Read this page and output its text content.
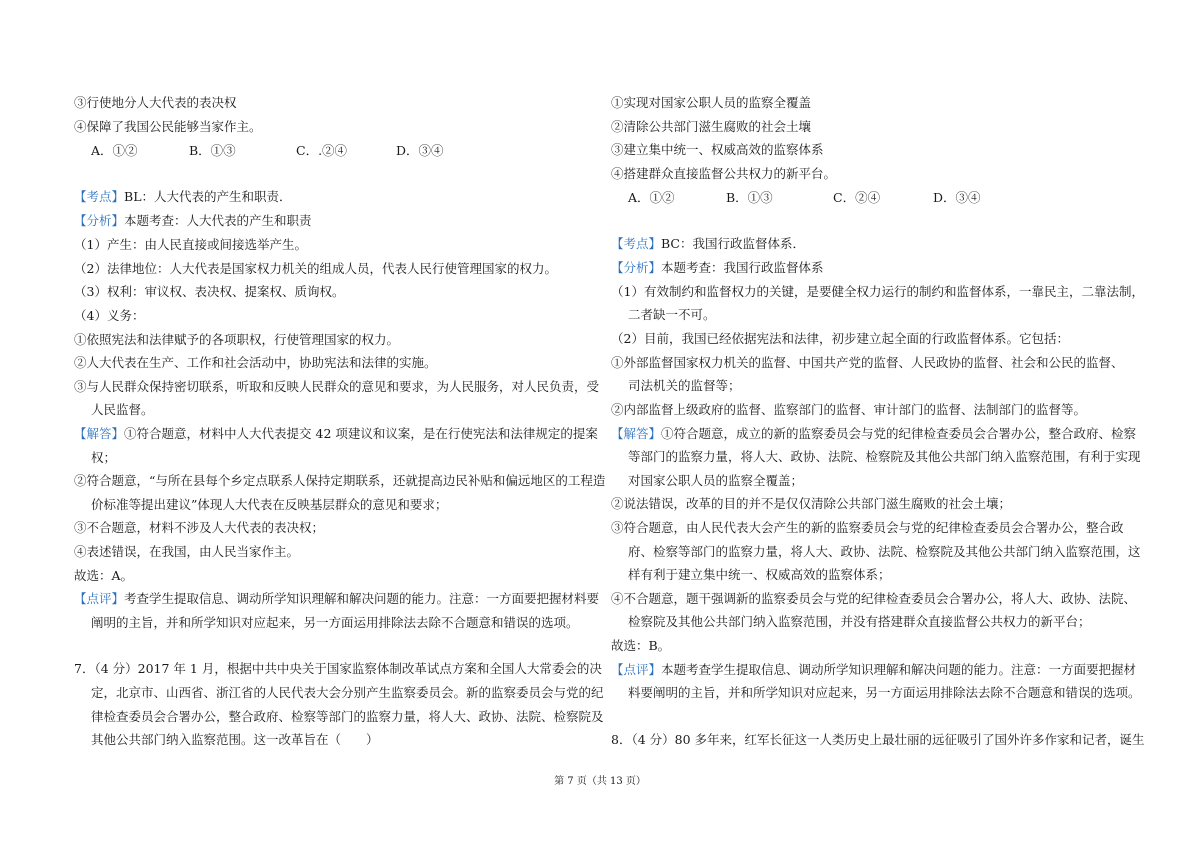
③行使地分人大代表的表决权
④保障了我国公民能够当家作主。
A．①②	B．①③	C．.②④	D．③④
【考点】BL：人大代表的产生和职责．
【分析】本题考查：人大代表的产生和职责
（1）产生：由人民直接或间接选举产生。
（2）法律地位：人大代表是国家权力机关的组成人员，代表人民行使管理国家的权力。
（3）权利：审议权、表决权、提案权、质询权。
（4）义务：
①依照宪法和法律赋予的各项职权，行使管理国家的权力。
②人大代表在生产、工作和社会活动中，协助宪法和法律的实施。
③与人民群众保持密切联系，听取和反映人民群众的意见和要求，为人民服务，对人民负责，受
人民监督。
【解答】①符合题意，材料中人大代表提交 42 项建议和议案，是在行使宪法和法律规定的提案
权；
②符合题意，“与所在县每个乡定点联系人保持定期联系，还就提高边民补贴和偏远地区的工程造
价标准等提出建议”体现人大代表在反映基层群众的意见和要求；
③不合题意，材料不涉及人大代表的表决权；
④表述错误，在我国，由人民当家作主。
故选：A。
【点评】考查学生提取信息、调动所学知识理解和解决问题的能力。注意：一方面要把握材料要
阐明的主旨，并和所学知识对应起来，另一方面运用排除法去除不合题意和错误的选项。
7．（4 分）2017 年 1 月，根据中共中央关于国家监察体制改革试点方案和全国人大常委会的决
定，北京市、山西省、浙江省的人民代表大会分别产生监察委员会。新的监察委员会与党的纪
律检查委员会合署办公，整合政府、检察等部门的监察力量，将人大、政协、法院、检察院及
其他公共部门纳入监察范围。这一改革旨在（　　）
①实现对国家公职人员的监察全覆盖
②清除公共部门滋生腐败的社会土壤
③建立集中统一、权威高效的监察体系
④搭建群众直接监督公共权力的新平台。
A．①②	B．①③	C．②④	D．③④
【考点】BC：我国行政监督体系．
【分析】本题考查：我国行政监督体系
（1）有效制约和监督权力的关键，是要健全权力运行的制约和监督体系，一靠民主，二靠法制，
二者缺一不可。
（2）目前，我国已经依据宪法和法律，初步建立起全面的行政监督体系。它包括：
①外部监督国家权力机关的监督、中国共产党的监督、人民政协的监督、社会和公民的监督、
司法机关的监督等；
②内部监督上级政府的监督、监察部门的监督、审计部门的监督、法制部门的监督等。
【解答】①符合题意，成立的新的监察委员会与党的纪律检查委员会合署办公，整合政府、检察
等部门的监察力量，将人大、政协、法院、检察院及其他公共部门纳入监察范围，有利于实现
对国家公职人员的监察全覆盖；
②说法错误，改革的目的并不是仅仅清除公共部门滋生腐败的社会土壤；
③符合题意，由人民代表大会产生的新的监察委员会与党的纪律检查委员会合署办公，整合政
府、检察等部门的监察力量，将人大、政协、法院、检察院及其他公共部门纳入监察范围，这
样有利于建立集中统一、权威高效的监察体系；
④不合题意，题干强调新的监察委员会与党的纪律检查委员会合署办公，将人大、政协、法院、
检察院及其他公共部门纳入监察范围，并没有搭建群众直接监督公共权力的新平台；
故选：B。
【点评】本题考查学生提取信息、调动所学知识理解和解决问题的能力。注意：一方面要把握材
料要阐明的主旨，并和所学知识对应起来，另一方面运用排除法去除不合题意和错误的选项。
8．（4 分）80 多年来，红军长征这一人类历史上最壮丽的远征吸引了国外许多作家和记者，诞生
第 7 页（共 13 页）
